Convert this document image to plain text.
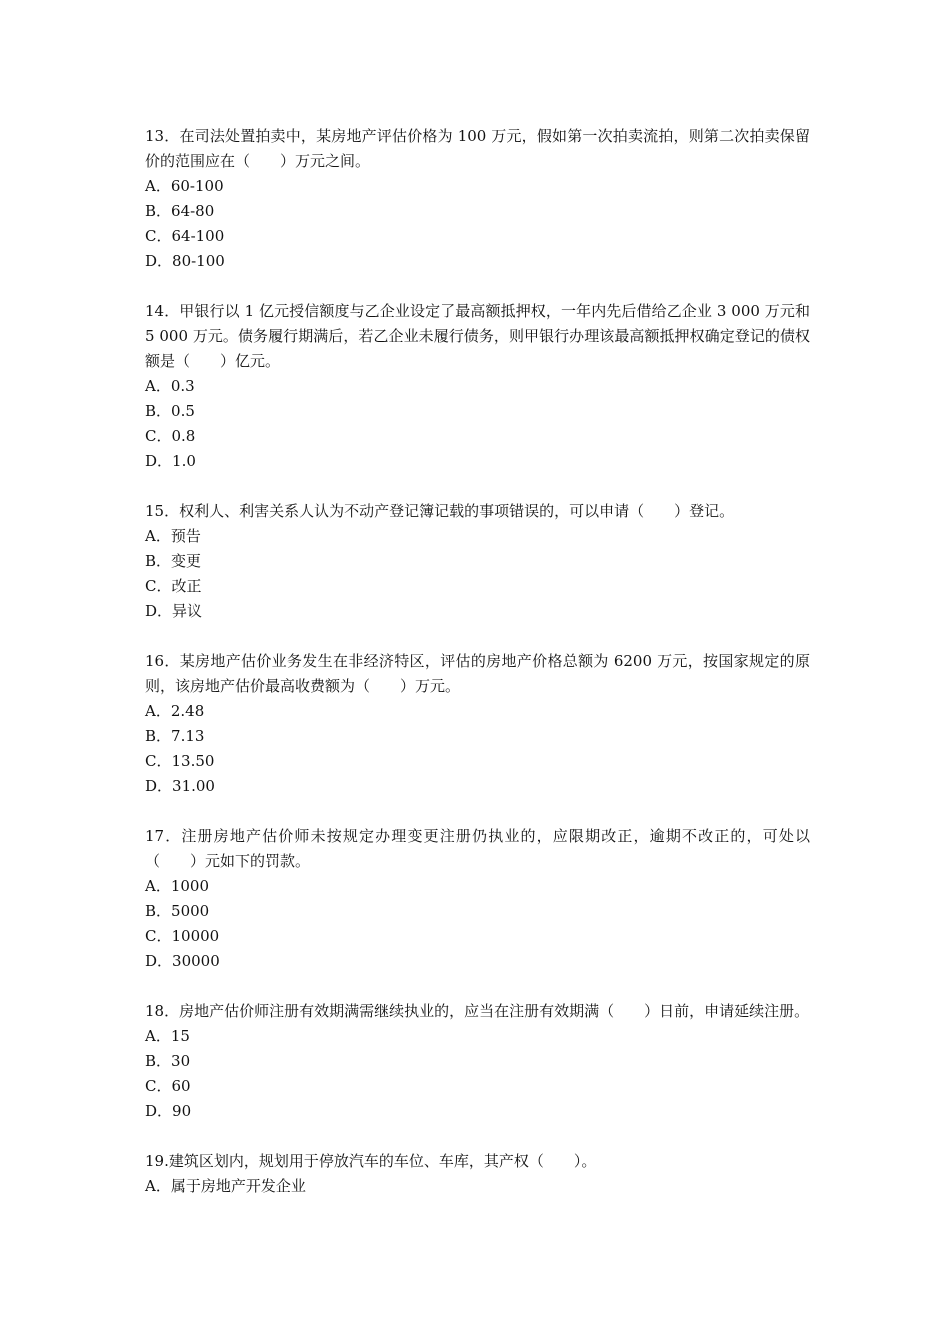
13．在司法处置拍卖中，某房地产评估价格为 100 万元，假如第一次拍卖流拍，则第二次拍卖保留价的范围应在（　　）万元之间。

A．60-100

B．64-80

C．64-100

D．80-100

14．甲银行以 1 亿元授信额度与乙企业设定了最高额抵押权，一年内先后借给乙企业 3 000 万元和 5 000 万元。债务履行期满后，若乙企业未履行债务，则甲银行办理该最高额抵押权确定登记的债权额是（　　）亿元。

A．0.3

B．0.5

C．0.8

D．1.0

15．权利人、利害关系人认为不动产登记簿记载的事项错误的，可以申请（　　）登记。

A．预告

B．变更

C．改正

D．异议

16．某房地产估价业务发生在非经济特区，评估的房地产价格总额为 6200 万元，按国家规定的原则，该房地产估价最高收费额为（　　）万元。

A．2.48

B．7.13

C．13.50

D．31.00

17．注册房地产估价师未按规定办理变更注册仍执业的，应限期改正，逾期不改正的，可处以（　　）元如下的罚款。

A．1000

B．5000

C．10000

D．30000

18．房地产估价师注册有效期满需继续执业的，应当在注册有效期满（　　）日前，申请延续注册。

A．15

B．30

C．60

D．90

19.建筑区划内，规划用于停放汽车的车位、车库，其产权（　　）。

A．属于房地产开发企业
